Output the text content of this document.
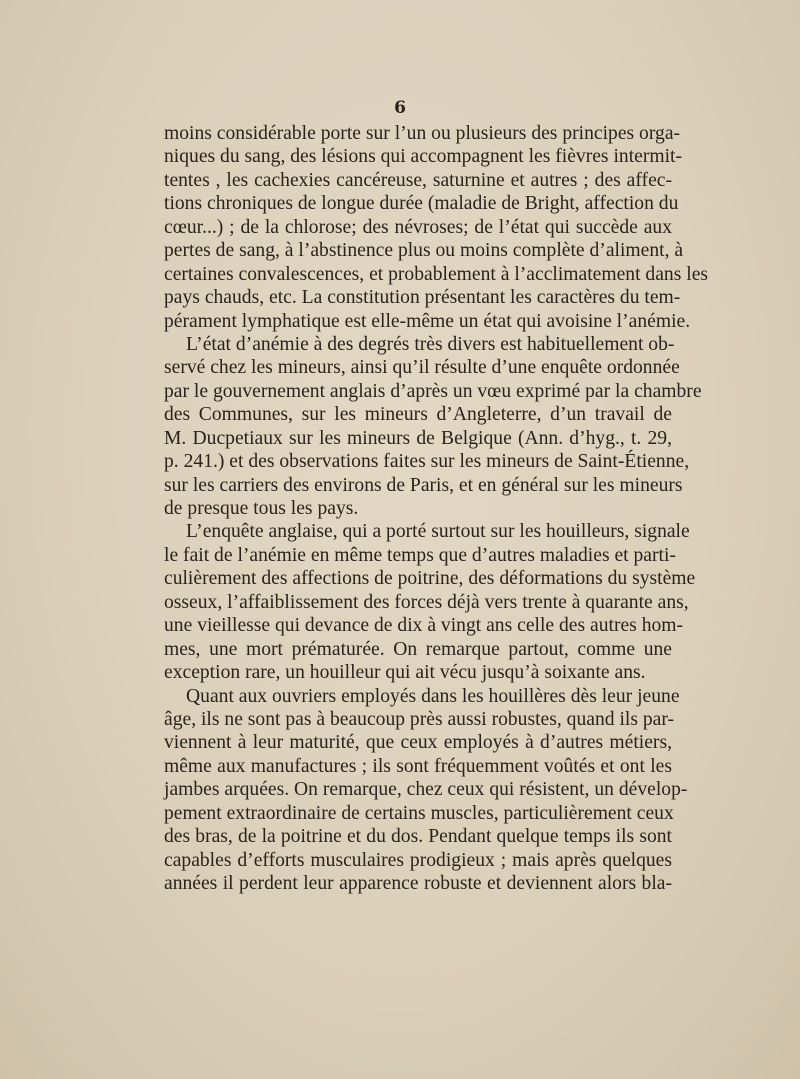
6
moins considérable porte sur l’un ou plusieurs des principes orga-
niques du sang, des lésions qui accompagnent les fièvres intermit-
tentes , les cachexies cancéreuse, saturnine et autres ; des affec-
tions chroniques de longue durée (maladie de Bright, affection du
cœur...) ; de la chlorose; des névroses; de l’état qui succède aux
pertes de sang, à l’abstinence plus ou moins complète d’aliment, à
certaines convalescences, et probablement à l’acclimatement dans les
pays chauds, etc. La constitution présentant les caractères du tem-
pérament lymphatique est elle-même un état qui avoisine l’anémie.
L’état d’anémie à des degrés très divers est habituellement ob-
servé chez les mineurs, ainsi qu’il résulte d’une enquête ordonnée
par le gouvernement anglais d’après un vœu exprimé par la chambre
des Communes, sur les mineurs d’Angleterre, d’un travail de
M. Ducpetiaux sur les mineurs de Belgique (Ann. d’hyg., t. 29,
p. 241.) et des observations faites sur les mineurs de Saint-Étienne,
sur les carriers des environs de Paris, et en général sur les mineurs
de presque tous les pays.
L’enquête anglaise, qui a porté surtout sur les houilleurs, signale
le fait de l’anémie en même temps que d’autres maladies et parti-
culièrement des affections de poitrine, des déformations du système
osseux, l’affaiblissement des forces déjà vers trente à quarante ans,
une vieillesse qui devance de dix à vingt ans celle des autres hom-
mes, une mort prématurée. On remarque partout, comme une
exception rare, un houilleur qui ait vécu jusqu’à soixante ans.
Quant aux ouvriers employés dans les houillères dès leur jeune
âge, ils ne sont pas à beaucoup près aussi robustes, quand ils par-
viennent à leur maturité, que ceux employés à d’autres métiers,
même aux manufactures ; ils sont fréquemment voûtés et ont les
jambes arquées. On remarque, chez ceux qui résistent, un dévelop-
pement extraordinaire de certains muscles, particulièrement ceux
des bras, de la poitrine et du dos. Pendant quelque temps ils sont
capables d’efforts musculaires prodigieux ; mais après quelques
années il perdent leur apparence robuste et deviennent alors bla-
